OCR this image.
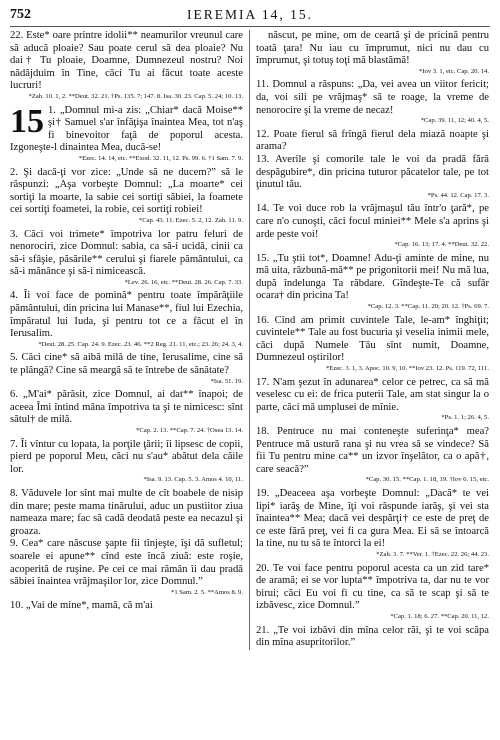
752	IEREMIA 14, 15.

22. Este* oare printre idolii** neamurilor vreunul care să aducă ploaie? Sau poate cerul să dea ploaie? Nu dai† Tu ploaie, Doamne, Dumnezeul nostru? Noi nădăjduim în Tine, căci Tu ai făcut toate aceste lucruri!

*Zah. 10. 1, 2. **Deut. 32. 21. †Ps. 135. 7; 147. 8. Isa. 30. 23. Cap. 5. 24; 10. 13.

15 1. „Domnul mi-a zis: „Chiar* dacă Moise** şi† Samuel s'ar înfăţişa înaintea Mea, tot n'aş fi binevoitor faţă de poporul acesta. Izgoneşte-l dinaintea Mea, ducă-se!

*Ezec. 14. 14, etc. **Exod. 32. 11, 12. Ps. 99. 6. †1 Sam. 7. 9.

2. Şi dacă-ţi vor zice: „Unde să ne ducem?” să le răspunzi: „Aşa vorbeşte Domnul: „La moarte* cei sortiţi la moarte, la sabie cei sortiţi săbiei, la foamete cei sortiţi foametei, la robie, cei sortiţi robiei!

*Cap. 43. 11. Ezec. 5. 2, 12. Zah. 11. 9.

3. Căci voi trimete* împotriva lor patru feluri de nenorociri, zice Domnul: sabia, ca să-i ucidă, cinii ca să-i sfâşie, păsările** cerului şi fiarele pământului, ca să-i mănânce şi să-i nimicească.

*Lev. 26. 16, etc. **Deut. 28. 26. Cap. 7. 33.

4. Îi voi face de pomină* pentru toate împărăţiile pământului, din pricina lui Manase**, fiul lui Ezechia, împăratul lui Iuda, şi pentru tot ce a făcut el în Ierusalim.

*Deut. 28. 25. Cap. 24. 9. Ezec. 23. 46. **2 Reg. 21. 11, etc.; 23. 26; 24. 3, 4.

5. Căci cine* să aibă milă de tine, Ierusalime, cine să te plângă? Cine să meargă să te întrebe de sănătate?

*Isa. 51. 19.

6. „M'ai* părăsit, zice Domnul, ai dat** înapoi; de aceea Îmi întind mâna împotriva ta şi te nimicesc: sînt sătul† de milă.

*Cap. 2. 13. **Cap. 7. 24. †Osea 13. 14.

7. Îi vîntur cu lopata, la porţile ţării; îi lipsesc de copii, pierd pe poporul Meu, căci nu s'au* abătut dela căile lor.

*Isa. 9. 13. Cap. 5. 3. Amos 4. 10, 11.

8. Văduvele lor sînt mai multe de cît boabele de nisip din mare; peste mama tinărului, aduc un pustiitor ziua nameaza mare; fac să cadă deodată peste ea necazul şi groaza.

9. Cea* care născuse şapte fii tînjeşte, îşi dă sufletul; soarele ei apune** cînd este încă ziuă: este roşie, acoperită de ruşine. Pe cei ce mai rămân îi dau pradă săbiei înaintea vrăjmaşilor lor, zice Domnul.”

*1 Sam. 2. 5. **Amos 8. 9.

10. „Vai de mine*, mamă, că m'ai

născut, pe mine, om de ceartă şi de pricină pentru toată ţara! Nu iau cu împrumut, nici nu dau cu împrumut, şi totuş toţi mă blastămă!

*Iov 3. 1, etc. Cap. 20. 14.

11. Domnul a răspuns: „Da, vei avea un viitor fericit; da, voi sili pe vrăjmaş* să te roage, la vreme de nenorocire şi la vreme de necaz!

*Cap. 39. 11, 12; 40. 4, 5.

12. Poate fierul să frîngă fierul dela miază noapte şi arama?

13. Averile şi comorile tale le voi da pradă fără despăgubire*, din pricina tuturor păcatelor tale, pe tot ţinutul tău.

*Ps. 44. 12. Cap. 17. 3.

14. Te voi duce rob la vrăjmaşul tău într'o ţară*, pe care n'o cunoşti, căci focul miniei** Mele s'a aprins şi arde peste voi!

*Cap. 16. 13; 17. 4. **Deut. 32. 22.

15. „Tu ştii tot*, Doamne! Adu-ţi aminte de mine, nu mă uita, răzbună-mă** pe prigonitorii mei! Nu mă lua, după îndelunga Ta răbdare. Gîndeşte-Te că sufăr ocara† din pricina Ta!

*Cap. 12. 3. **Cap. 11. 20; 20. 12. †Ps. 69. 7.

16. Cînd am primit cuvintele Tale, le-am* înghiţit; cuvintele** Tale au fost bucuria şi veselia inimii mele, căci după Numele Tău sînt numit, Doamne, Dumnezeul oştirilor!

*Ezec. 3. 1, 3. Apoc. 10. 9, 10. **Iov 23. 12. Ps. 119. 72, 111.

17. N'am şezut în adunarea* celor ce petrec, ca să mă veselesc cu ei: de frica puterii Tale, am stat singur la o parte, căci mă umplusei de mînie.

*Ps. 1. 1; 26. 4, 5.

18. Pentruce nu mai conteneşte suferinţa* mea? Pentruce mă ustură rana şi nu vrea să se vindece? Să fii Tu pentru mine ca** un izvor înşelător, ca o apă†, care seacă?”

*Cap. 30. 15. **Cap. 1. 18, 19. †Iov 6. 15, etc.

19. „Deaceea aşa vorbeşte Domnul: „Dacă* te vei lipi* iarăş de Mine, îţi voi răspunde iarăş, şi vei sta înaintea** Mea; dacă vei despărţi† ce este de preţ de ce este fără preţ, vei fi ca gura Mea. Ei să se întoarcă la tine, nu tu să te întorci la ei!

*Zah. 3. 7. **Ver. 1. †Ezec. 22. 26; 44. 23.

20. Te voi face pentru poporul acesta ca un zid tare* de aramă; ei se vor lupta** împotriva ta, dar nu te vor birui; căci Eu voi fi cu tine, ca să te scap şi să te izbăvesc, zice Domnul.”

*Cap. 1. 18; 6. 27. **Cap. 20. 11, 12.

21. „Te voi izbăvi din mîna celor răi, şi te voi scăpa din mîna asupritorilor.”
